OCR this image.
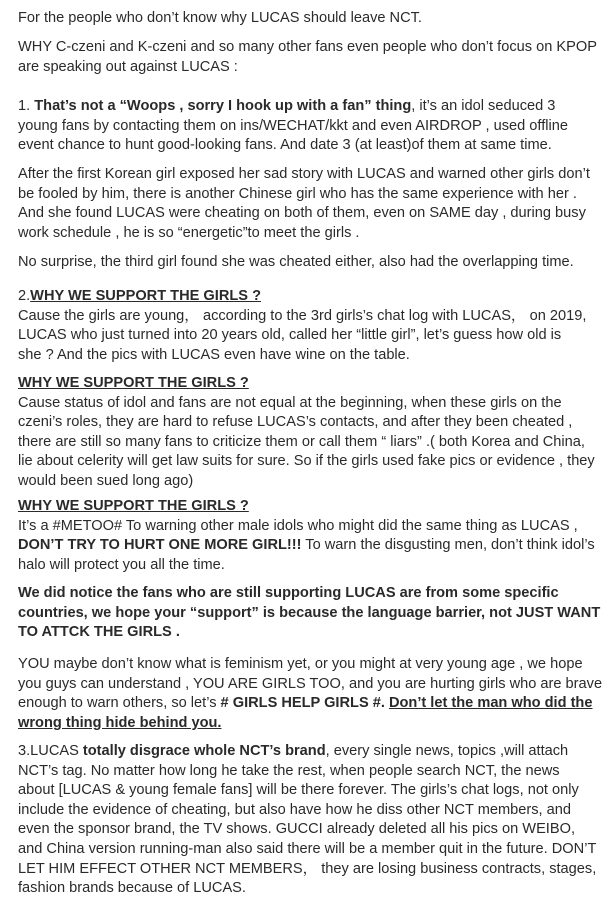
For the people who don’t know why LUCAS should leave NCT.

WHY C-czeni and K-czeni and so many other fans even people who don’t focus on KPOP
are speaking out against LUCAS :

1. That’s not a “Woops , sorry I hook up with a fan” thing, it’s an idol seduced 3
young fans by contacting them on ins/WECHAT/kkt and even AIRDROP , used offline
event chance to hunt good-looking fans. And date 3 (at least)of them at same time.

After the first Korean girl exposed her sad story with LUCAS and warned other girls don’t
be fooled by him, there is another Chinese girl who has the same experience with her .
And she found LUCAS were cheating on both of them, even on SAME day , during busy
work schedule , he is so “energetic”to meet the girls .

No surprise, the third girl found she was cheated either, also had the overlapping time.

2.WHY WE SUPPORT THE GIRLS ?
Cause the girls are young， according to the 3rd girls’s chat log with LUCAS， on 2019,
LUCAS who just turned into 20 years old, called her “little girl”, let’s guess how old is
she ? And the pics with LUCAS even have wine on the table.

WHY WE SUPPORT THE GIRLS ?
Cause status of idol and fans are not equal at the beginning, when these girls on the
czeni’s roles, they are hard to refuse LUCAS’s contacts, and after they been cheated ,
there are still so many fans to criticize them or call them “ liars” .( both Korea and China,
lie about celerity will get law suits for sure. So if the girls used fake pics or evidence , they
would been sued long ago)

WHY WE SUPPORT THE GIRLS ?
It’s a #METOO# To warning other male idols who might did the same thing as LUCAS ,
DON’T TRY TO HURT ONE MORE GIRL!!! To warn the disgusting men, don’t think idol’s
halo will protect you all the time.

We did notice the fans who are still supporting LUCAS are from some specific
countries, we hope your “support” is because the language barrier, not JUST WANT
TO ATTCK THE GIRLS .

YOU maybe don’t know what is feminism yet, or you might at very young age , we hope
you guys can understand , YOU ARE GIRLS TOO, and you are hurting girls who are brave
enough to warn others, so let’s # GIRLS HELP GIRLS #. Don’t let the man who did the
wrong thing hide behind you.

3.LUCAS totally disgrace whole NCT’s brand, every single news, topics ,will attach
NCT’s tag. No matter how long he take the rest, when people search NCT, the news
about [LUCAS & young female fans] will be there forever. The girls’s chat logs, not only
include the evidence of cheating, but also have how he diss other NCT members, and
even the sponsor brand, the TV shows. GUCCI already deleted all his pics on WEIBO,
and China version running-man also said there will be a member quit in the future. DON’T
LET HIM EFFECT OTHER NCT MEMBERS， they are losing business contracts, stages,
fashion brands because of LUCAS.
